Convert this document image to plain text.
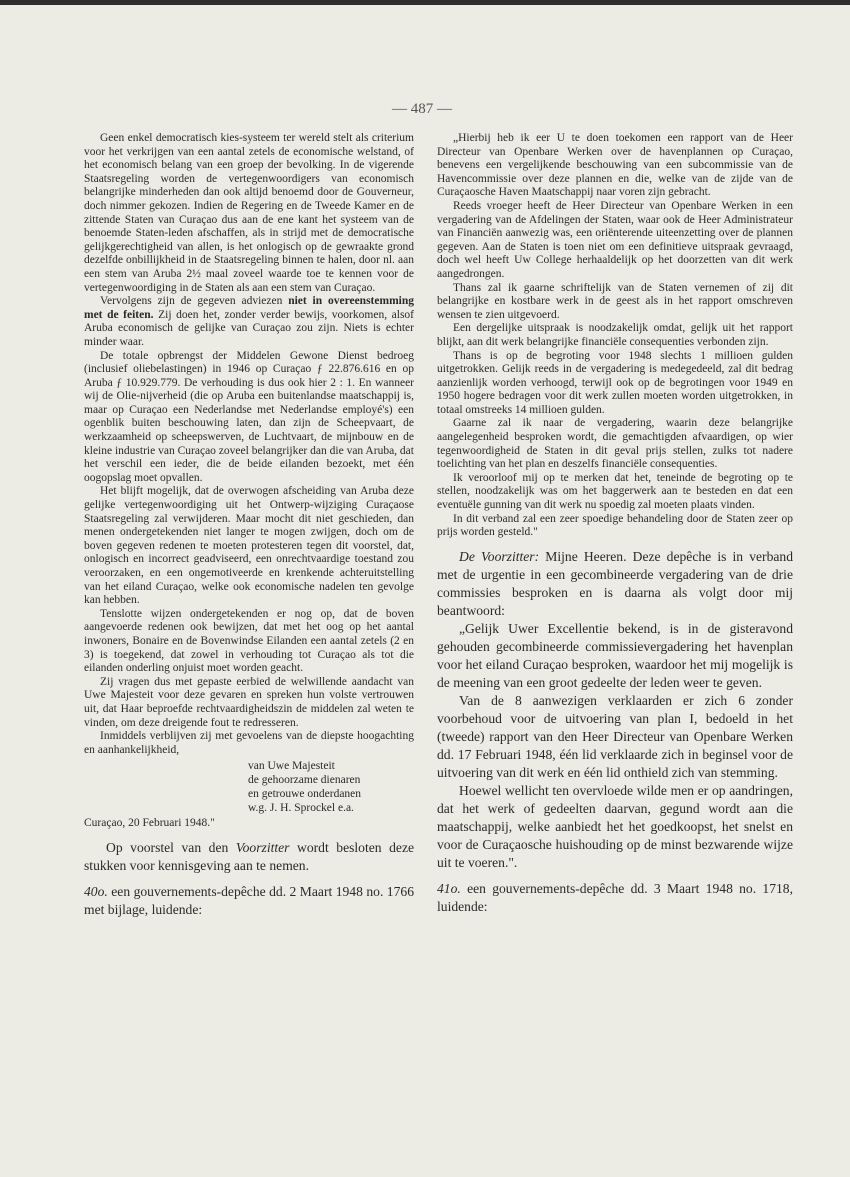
— 487 —

Geen enkel democratisch kies-systeem ter wereld stelt als criterium voor het verkrijgen van een aantal zetels de economische welstand, of het economisch belang van een groep der bevolking. In de vigerende Staatsregeling worden de vertegenwoordigers van economisch belangrijke minderheden dan ook altijd benoemd door de Gouverneur, doch nimmer gekozen. Indien de Regering en de Tweede Kamer en de zittende Staten van Curaçao dus aan de ene kant het systeem van de benoemde Staten-leden afschaffen, als in strijd met de democratische gelijkgerechtigheid van allen, is het onlogisch op de gewraakte grond dezelfde onbillijkheid in de Staatsregeling binnen te halen, door nl. aan een stem van Aruba 2½ maal zoveel waarde toe te kennen voor de vertegenwoordiging in de Staten als aan een stem van Curaçao.

Vervolgens zijn de gegeven adviezen niet in overeenstemming met de feiten. Zij doen het, zonder verder bewijs, voorkomen, alsof Aruba economisch de gelijke van Curaçao zou zijn. Niets is echter minder waar.

De totale opbrengst der Middelen Gewone Dienst bedroeg (inclusief oliebelastingen) in 1946 op Curaçao ƒ 22.876.616 en op Aruba ƒ 10.929.779. De verhouding is dus ook hier 2 : 1. En wanneer wij de Olie-nijverheid (die op Aruba een buitenlandse maatschappij is, maar op Curaçao een Nederlandse met Nederlandse employé's) een ogenblik buiten beschouwing laten, dan zijn de Scheepvaart, de werkzaamheid op scheepswerven, de Luchtvaart, de mijnbouw en de kleine industrie van Curaçao zoveel belangrijker dan die van Aruba, dat het verschil een ieder, die de beide eilanden bezoekt, met één oogopslag moet opvallen.

Het blijft mogelijk, dat de overwogen afscheiding van Aruba deze gelijke vertegenwoordiging uit het Ontwerp-wijziging Curaçaose Staatsregeling zal verwijderen. Maar mocht dit niet geschieden, dan menen ondergetekenden niet langer te mogen zwijgen, doch om de boven gegeven redenen te moeten protesteren tegen dit voorstel, dat, onlogisch en incorrect geadviseerd, een onrechtvaardige toestand zou veroorzaken, en een ongemotiveerde en krenkende achteruitstelling van het eiland Curaçao, welke ook economische nadelen ten gevolge kan hebben.

Tenslotte wijzen ondergetekenden er nog op, dat de boven aangevoerde redenen ook bewijzen, dat met het oog op het aantal inwoners, Bonaire en de Bovenwindse Eilanden een aantal zetels (2 en 3) is toegekend, dat zowel in verhouding tot Curaçao als tot die eilanden onderling onjuist moet worden geacht.

Zij vragen dus met gepaste eerbied de welwillende aandacht van Uwe Majesteit voor deze gevaren en spreken hun volste vertrouwen uit, dat Haar beproefde rechtvaardigheidszin de middelen zal weten te vinden, om deze dreigende fout te redresseren.

Inmiddels verblijven zij met gevoelens van de diepste hoogachting en aanhankelijkheid,

van Uwe Majesteit
de gehoorzame dienaren
en getrouwe onderdanen
w.g. J. H. Sprockel e.a.

Curaçao, 20 Februari 1948."

Op voorstel van den Voorzitter wordt besloten deze stukken voor kennisgeving aan te nemen.

40o. een gouvernements-depêche dd. 2 Maart 1948 no. 1766 met bijlage, luidende:

„Hierbij heb ik eer U te doen toekomen een rapport van de Heer Directeur van Openbare Werken over de havenplannen op Curaçao, benevens een vergelijkende beschouwing van een subcommissie van de Havencommissie over deze plannen en die, welke van de zijde van de Curaçaosche Haven Maatschappij naar voren zijn gebracht.

Reeds vroeger heeft de Heer Directeur van Openbare Werken in een vergadering van de Afdelingen der Staten, waar ook de Heer Administrateur van Financiën aanwezig was, een oriënterende uiteenzetting over de plannen gegeven. Aan de Staten is toen niet om een definitieve uitspraak gevraagd, doch wel heeft Uw College herhaaldelijk op het doorzetten van dit werk aangedrongen.

Thans zal ik gaarne schriftelijk van de Staten vernemen of zij dit belangrijke en kostbare werk in de geest als in het rapport omschreven wensen te zien uitgevoerd.

Een dergelijke uitspraak is noodzakelijk omdat, gelijk uit het rapport blijkt, aan dit werk belangrijke financiële consequenties verbonden zijn.

Thans is op de begroting voor 1948 slechts 1 millioen gulden uitgetrokken. Gelijk reeds in de vergadering is medegedeeld, zal dit bedrag aanzienlijk worden verhoogd, terwijl ook op de begrotingen voor 1949 en 1950 hogere bedragen voor dit werk zullen moeten worden uitgetrokken, in totaal omstreeks 14 millioen gulden.

Gaarne zal ik naar de vergadering, waarin deze belangrijke aangelegenheid besproken wordt, die gemachtigden afvaardigen, op wier tegenwoordigheid de Staten in dit geval prijs stellen, zulks tot nadere toelichting van het plan en deszelfs financiële consequenties.

Ik veroorloof mij op te merken dat het, teneinde de begroting op te stellen, noodzakelijk was om het baggerwerk aan te besteden en dat een eventuële gunning van dit werk nu spoedig zal moeten plaats vinden.

In dit verband zal een zeer spoedige behandeling door de Staten zeer op prijs worden gesteld."

De Voorzitter: Mijne Heeren. Deze depêche is in verband met de urgentie in een gecombineerde vergadering van de drie commissies besproken en is daarna als volgt door mij beantwoord:

„Gelijk Uwer Excellentie bekend, is in de gisteravond gehouden gecombineerde commissievergadering het havenplan voor het eiland Curaçao besproken, waardoor het mij mogelijk is de meening van een groot gedeelte der leden weer te geven.

Van de 8 aanwezigen verklaarden er zich 6 zonder voorbehoud voor de uitvoering van plan I, bedoeld in het (tweede) rapport van den Heer Directeur van Openbare Werken dd. 17 Februari 1948, één lid verklaarde zich in beginsel voor de uitvoering van dit werk en één lid onthield zich van stemming.

Hoewel wellicht ten overvloede wilde men er op aandringen, dat het werk of gedeelten daarvan, gegund wordt aan die maatschappij, welke aanbiedt het het goedkoopst, het snelst en voor de Curaçaosche huishouding op de minst bezwarende wijze uit te voeren.".

41o. een gouvernements-depêche dd. 3 Maart 1948 no. 1718, luidende:
